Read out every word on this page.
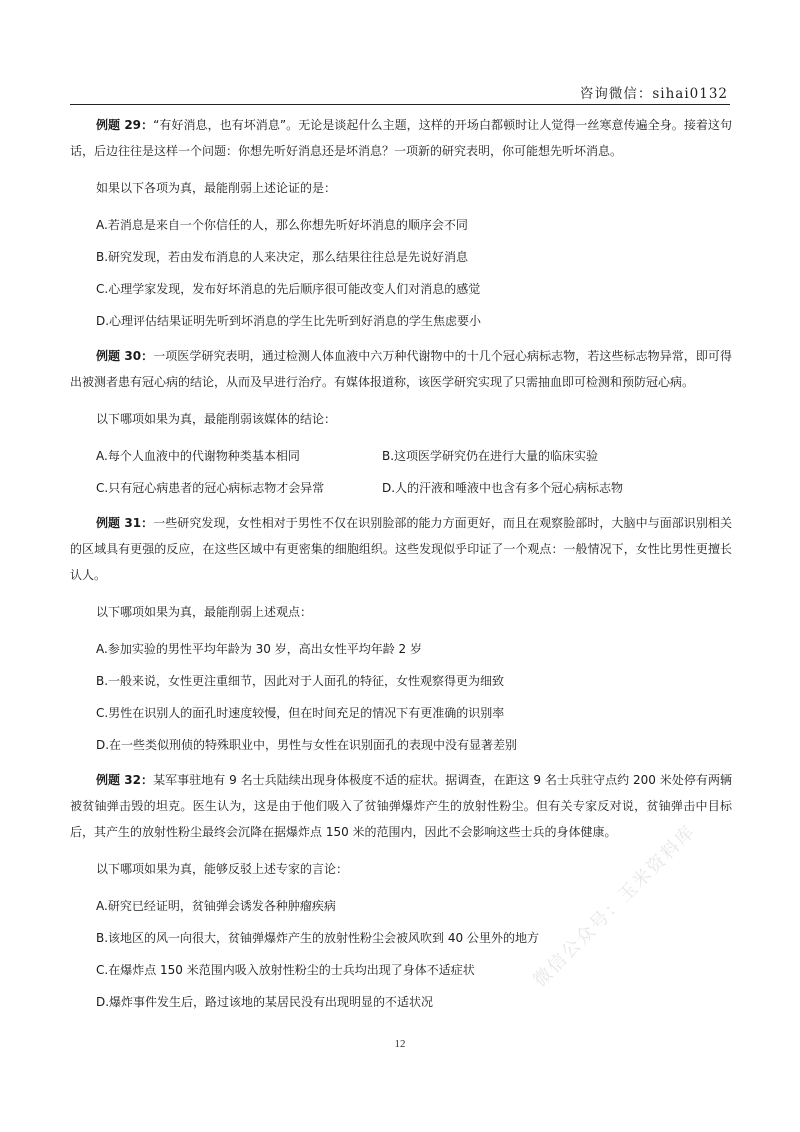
咨询微信：sihai0132

例题 29：“有好消息，也有坏消息”。无论是谈起什么主题，这样的开场白都顿时让人觉得一丝寒意传遍全身。接着这句话，后边往往是这样一个问题：你想先听好消息还是坏消息？一项新的研究表明，你可能想先听坏消息。

如果以下各项为真，最能削弱上述论证的是：

A.若消息是来自一个你信任的人，那么你想先听好坏消息的顺序会不同
B.研究发现，若由发布消息的人来决定，那么结果往往总是先说好消息
C.心理学家发现，发布好坏消息的先后顺序很可能改变人们对消息的感觉
D.心理评估结果证明先听到坏消息的学生比先听到好消息的学生焦虑要小

例题 30：一项医学研究表明，通过检测人体血液中六万种代谢物中的十几个冠心病标志物，若这些标志物异常，即可得出被测者患有冠心病的结论，从而及早进行治疗。有媒体报道称，该医学研究实现了只需抽血即可检测和预防冠心病。

以下哪项如果为真，最能削弱该媒体的结论：

A.每个人血液中的代谢物种类基本相同	B.这项医学研究仍在进行大量的临床实验
C.只有冠心病患者的冠心病标志物才会异常	D.人的汗液和唾液中也含有多个冠心病标志物

例题 31：一些研究发现，女性相对于男性不仅在识别脸部的能力方面更好，而且在观察脸部时，大脑中与面部识别相关的区域具有更强的反应，在这些区域中有更密集的细胞组织。这些发现似乎印证了一个观点：一般情况下，女性比男性更擅长认人。

以下哪项如果为真，最能削弱上述观点：

A.参加实验的男性平均年龄为 30 岁，高出女性平均年龄 2 岁
B.一般来说，女性更注重细节，因此对于人面孔的特征，女性观察得更为细致
C.男性在识别人的面孔时速度较慢，但在时间充足的情况下有更准确的识别率
D.在一些类似刑侦的特殊职业中，男性与女性在识别面孔的表现中没有显著差别

例题 32：某军事驻地有 9 名士兵陆续出现身体极度不适的症状。据调查，在距这 9 名士兵驻守点约 200 米处停有两辆被贫铀弹击毁的坦克。医生认为，这是由于他们吸入了贫铀弹爆炸产生的放射性粉尘。但有关专家反对说，贫铀弹击中目标后，其产生的放射性粉尘最终会沉降在据爆炸点 150 米的范围内，因此不会影响这些士兵的身体健康。

以下哪项如果为真，能够反驳上述专家的言论：

A.研究已经证明，贫铀弹会诱发各种肿瘤疾病
B.该地区的风一向很大，贫铀弹爆炸产生的放射性粉尘会被风吹到 40 公里外的地方
C.在爆炸点 150 米范围内吸入放射性粉尘的士兵均出现了身体不适症状
D.爆炸事件发生后，路过该地的某居民没有出现明显的不适状况
12
微信公众号：玉米资料库
